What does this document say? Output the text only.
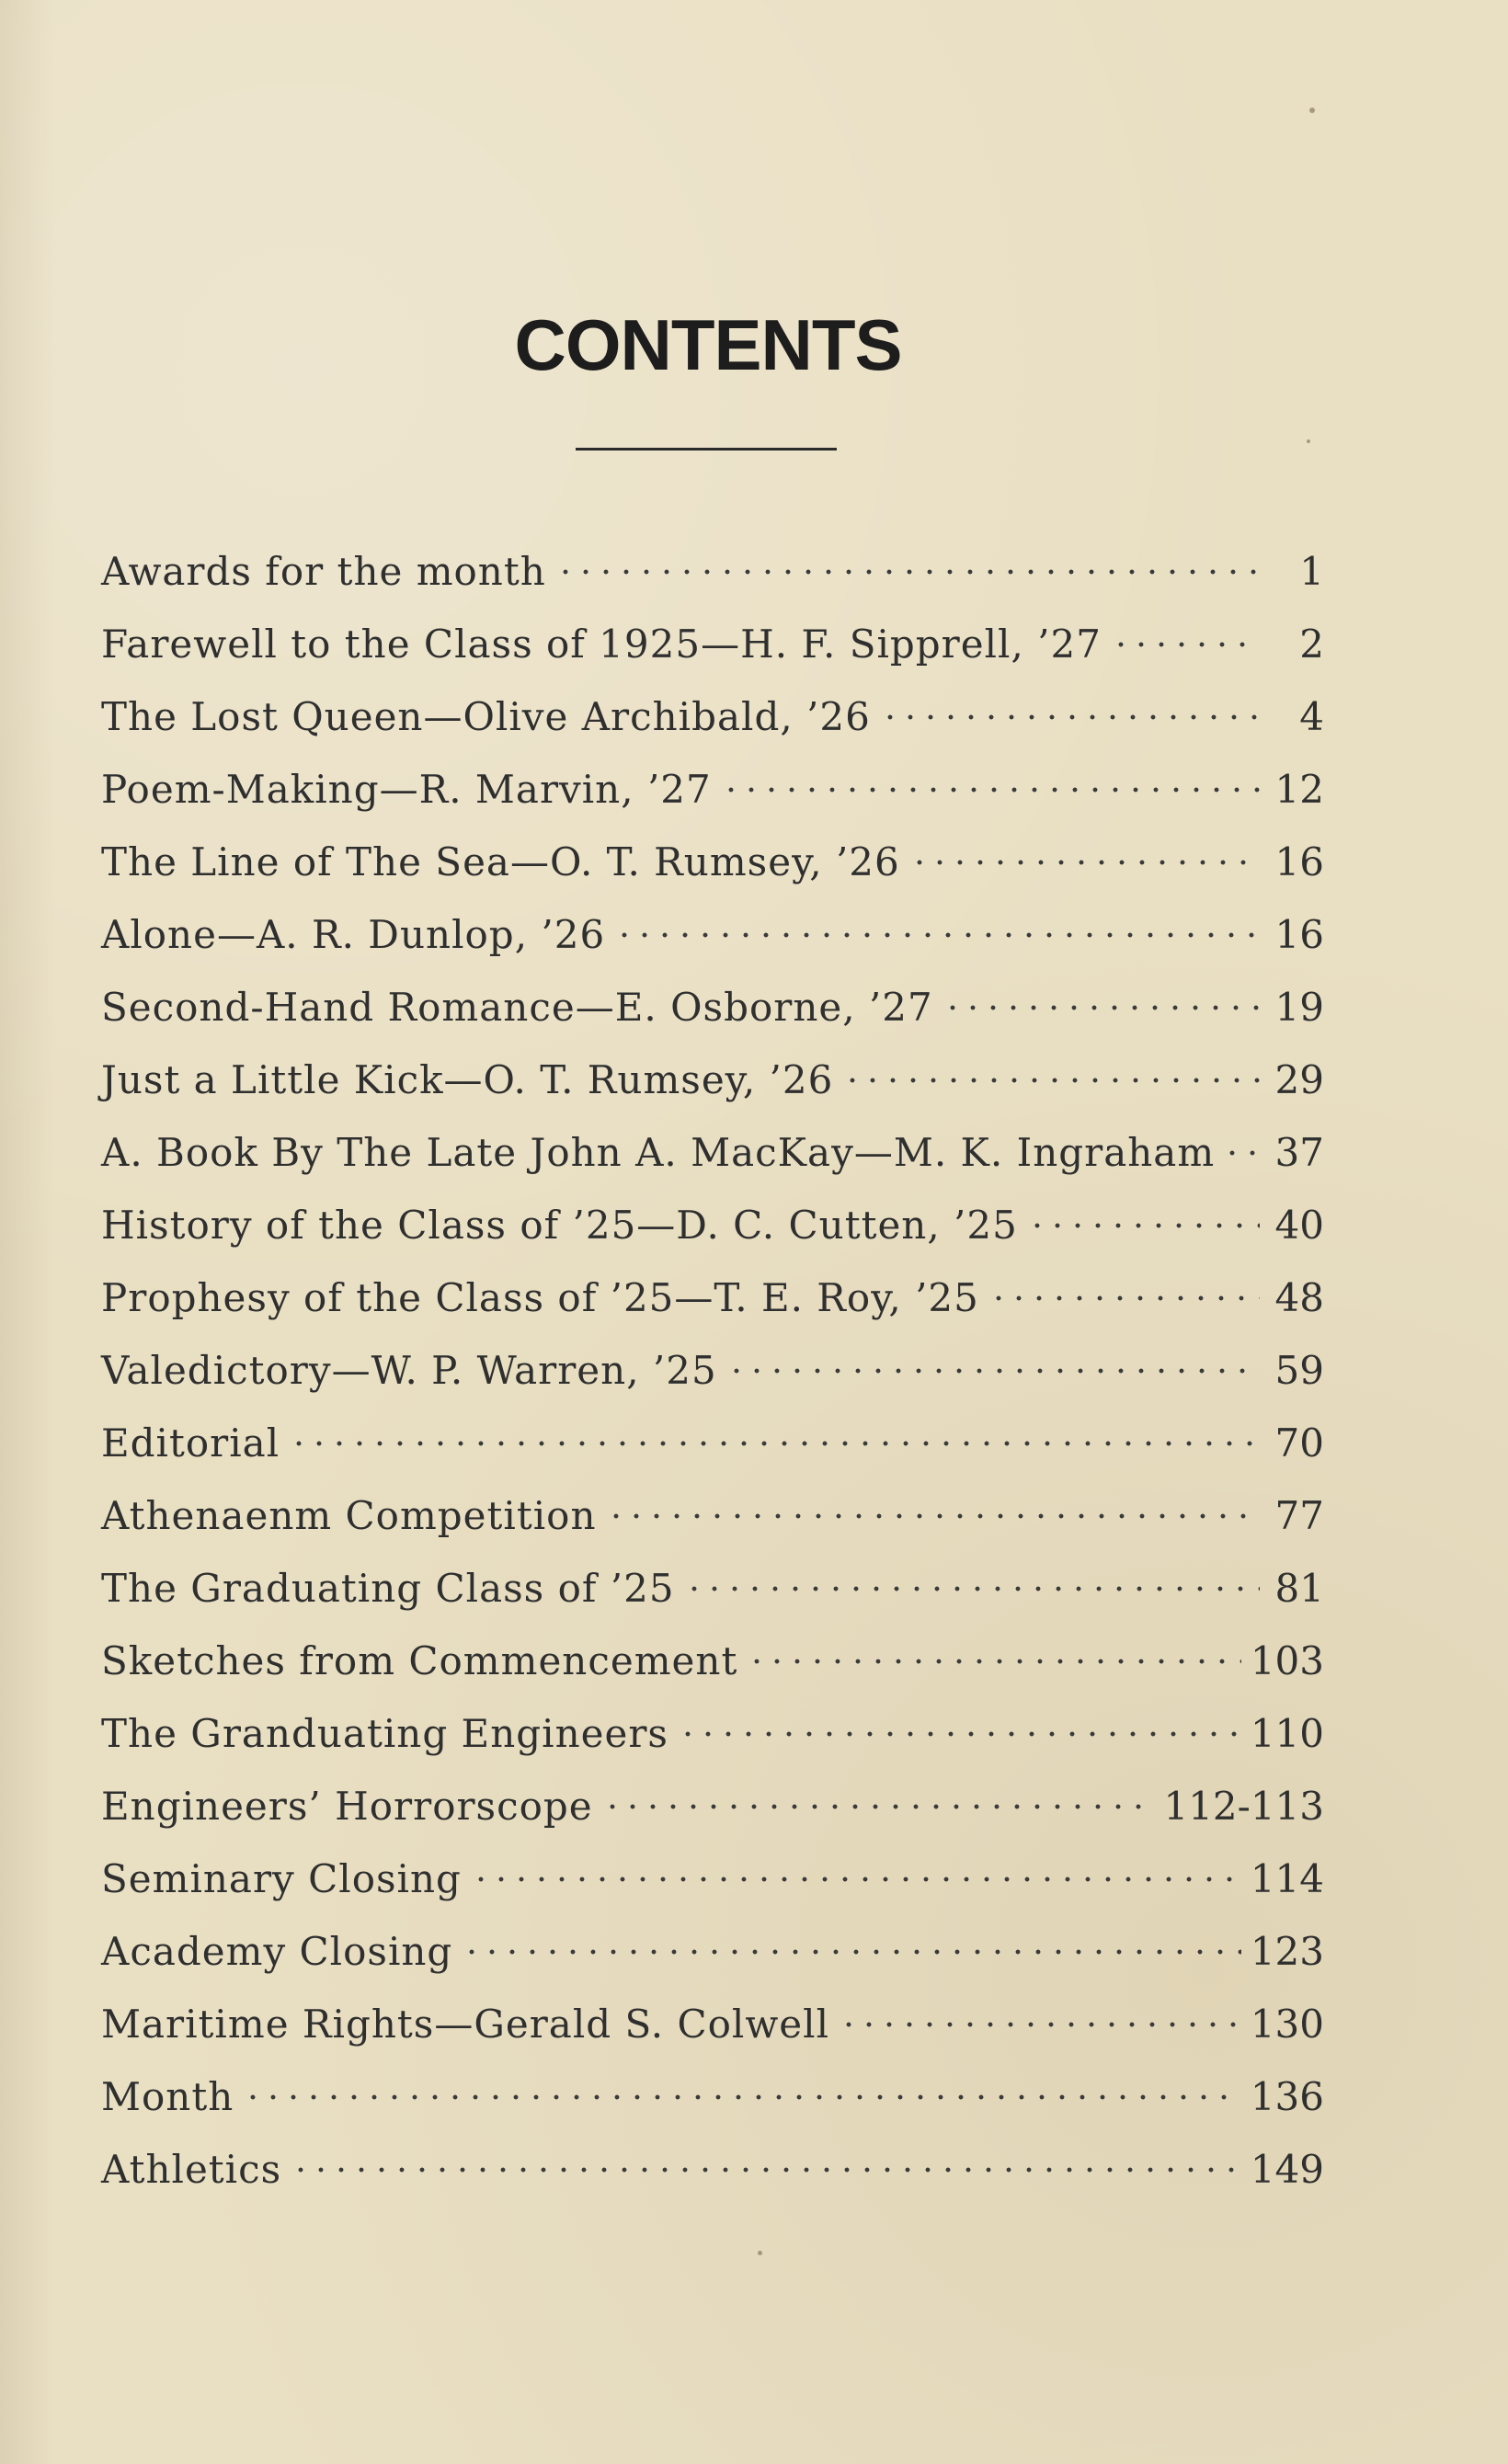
CONTENTS
Awards for the month	1
Farewell to the Class of 1925—H. F. Sipprell, ’27	2
The Lost Queen—Olive Archibald, ’26	4
Poem-Making—R. Marvin, ’27	12
The Line of The Sea—O. T. Rumsey, ’26	16
Alone—A. R. Dunlop, ’26	16
Second-Hand Romance—E. Osborne, ’27	19
Just a Little Kick—O. T. Rumsey, ’26	29
A. Book By The Late John A. MacKay—M. K. Ingraham 37
History of the Class of ’25—D. C. Cutten, ’25	40
Prophesy of the Class of ’25—T. E. Roy, ’25	48
Valedictory—W. P. Warren, ’25	59
Editorial	70
Athenaenm Competition	77
The Graduating Class of ’25	81
Sketches from Commencement	103
The Granduating Engineers	110
Engineers’ Horrorscope	112-113
Seminary Closing	114
Academy Closing	123
Maritime Rights—Gerald S. Colwell	130
Month	136
Athletics	149
